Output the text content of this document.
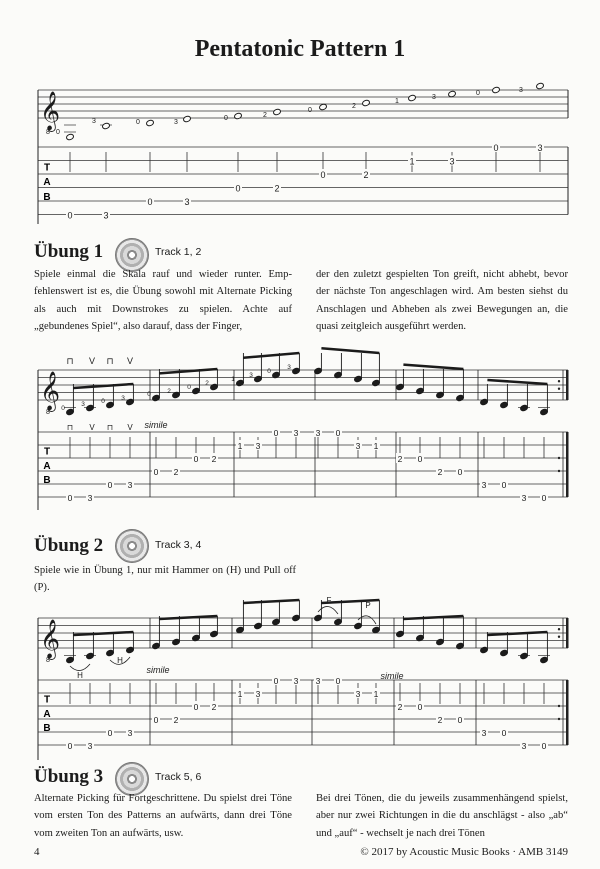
Pentatonic Pattern 1
𝄞
8 0
3	0	3
0	2
0
2
1
3
0	3
T
A
B
0	3
0	3
0	2
0	2
1	3
0	3
𝄞
8
⊓ V ⊓ V
0
3	0	3
0	2
0
2
1
3
0
3
T
A
B
simile
⊓ V ⊓ V
0 3
0 3
0 2
0 2
1 3
0 3 3 0
3 1
2 0
2 0
3 0
3 0
𝄞
8
H
H
F
P
T
A
B
simile
simile
0 3
0 3
0 2
0 2
1 3
0 3 3 0
3 1
2 0
2 0
3 0
3 0
Übung 1	Track 1, 2

Spiele einmal die Skala rauf und wieder runter. Empfehlenswert ist es, die Übung sowohl mit Alternate Picking als auch mit Downstrokes zu spielen. Achte auf „gebundenes Spiel“, also darauf, dass der Finger,

der den zuletzt gespielten Ton greift, nicht abhebt, bevor der nächste Ton angeschlagen wird. Am besten siehst du Anschlagen und Abheben als zwei Bewegungen an, die quasi zeitgleich ausgeführt werden.

Übung 2	Track 3, 4

Spiele wie in Übung 1, nur mit Hammer on (H) und Pull off (P).

Übung 3	Track 5, 6

Alternate Picking für Fortgeschrittene. Du spielst drei Töne vom ersten Ton des Patterns an aufwärts, dann drei Töne vom zweiten Ton an aufwärts, usw.

Bei drei Tönen, die du jeweils zusammenhängend spielst, aber nur zwei Richtungen in die du anschlägst - also „ab“ und „auf“ - wechselt je nach drei Tönen

4	© 2017 by Acoustic Music Books · AMB 3149
